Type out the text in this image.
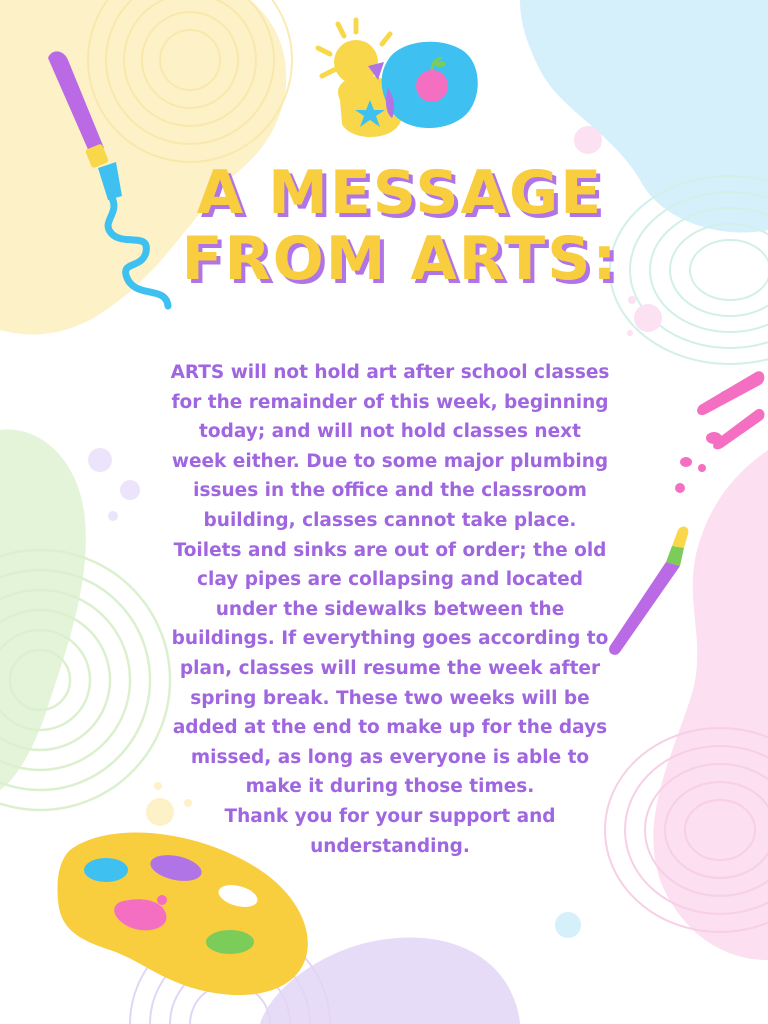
A MESSAGE
FROM ARTS:

ARTS will not hold art after school classes for the remainder of this week, beginning today; and will not hold classes next week either. Due to some major plumbing issues in the office and the classroom building, classes cannot take place. Toilets and sinks are out of order; the old clay pipes are collapsing and located under the sidewalks between the buildings. If everything goes according to plan, classes will resume the week after spring break. These two weeks will be added at the end to make up for the days missed, as long as everyone is able to make it during those times.

Thank you for your support and understanding.
